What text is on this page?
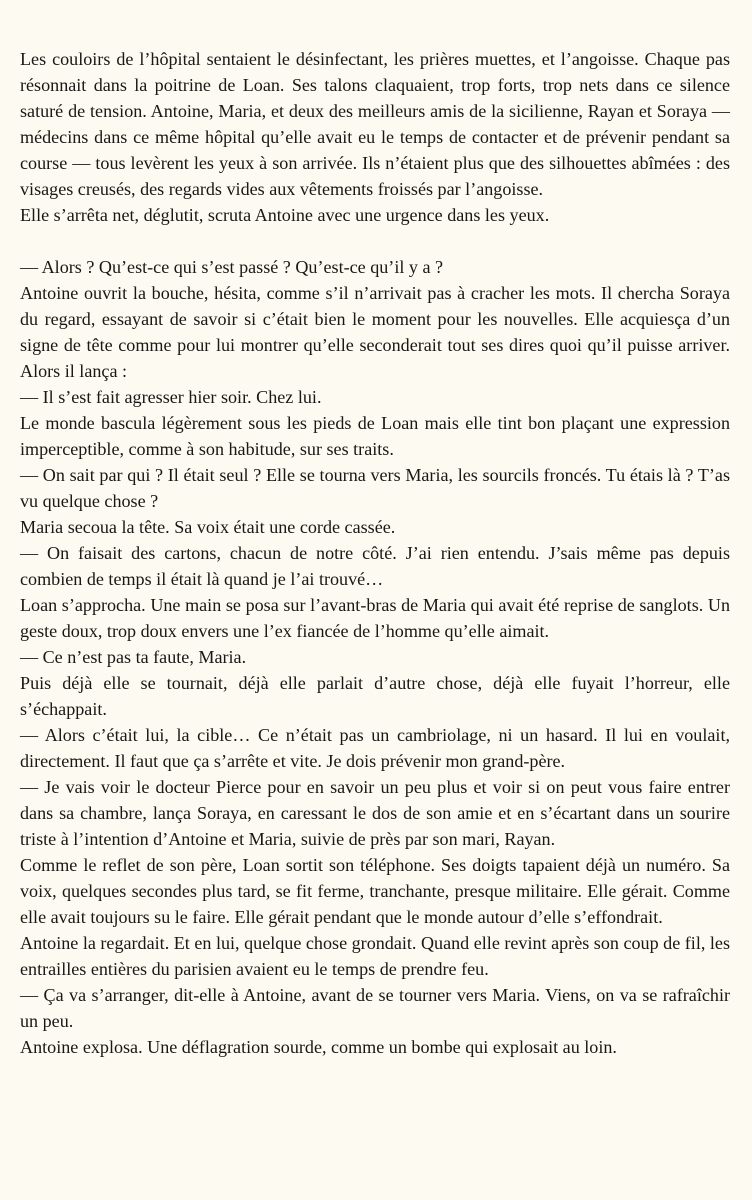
Les couloirs de l’hôpital sentaient le désinfectant, les prières muettes, et l’angoisse. Chaque pas résonnait dans la poitrine de Loan. Ses talons claquaient, trop forts, trop nets dans ce silence saturé de tension. Antoine, Maria, et deux des meilleurs amis de la sicilienne, Rayan et Soraya — médecins dans ce même hôpital qu’elle avait eu le temps de contacter et de prévenir pendant sa course — tous levèrent les yeux à son arrivée. Ils n’étaient plus que des silhouettes abîmées : des visages creusés, des regards vides aux vêtements froissés par l’angoisse.

Elle s’arrêta net, déglutit, scruta Antoine avec une urgence dans les yeux.

— Alors ? Qu’est-ce qui s’est passé ? Qu’est-ce qu’il y a ?

Antoine ouvrit la bouche, hésita, comme s’il n’arrivait pas à cracher les mots. Il chercha Soraya du regard, essayant de savoir si c’était bien le moment pour les nouvelles. Elle acquiesça d’un signe de tête comme pour lui montrer qu’elle seconderait tout ses dires quoi qu’il puisse arriver. Alors il lança :

— Il s’est fait agresser hier soir. Chez lui.

Le monde bascula légèrement sous les pieds de Loan mais elle tint bon plaçant une expression imperceptible, comme à son habitude, sur ses traits.

— On sait par qui ? Il était seul ? Elle se tourna vers Maria, les sourcils froncés. Tu étais là ? T’as vu quelque chose ?

Maria secoua la tête. Sa voix était une corde cassée.

— On faisait des cartons, chacun de notre côté. J’ai rien entendu. J’sais même pas depuis combien de temps il était là quand je l’ai trouvé…

Loan s’approcha. Une main se posa sur l’avant-bras de Maria qui avait été reprise de sanglots. Un geste doux, trop doux envers une l’ex fiancée de l’homme qu’elle aimait.

— Ce n’est pas ta faute, Maria.

Puis déjà elle se tournait, déjà elle parlait d’autre chose, déjà elle fuyait l’horreur, elle s’échappait.

— Alors c’était lui, la cible… Ce n’était pas un cambriolage, ni un hasard. Il lui en voulait, directement. Il faut que ça s’arrête et vite. Je dois prévenir mon grand-père.

— Je vais voir le docteur Pierce pour en savoir un peu plus et voir si on peut vous faire entrer dans sa chambre, lança Soraya, en caressant le dos de son amie et en s’écartant dans un sourire triste à l’intention d’Antoine et Maria, suivie de près par son mari, Rayan.

Comme le reflet de son père, Loan sortit son téléphone. Ses doigts tapaient déjà un numéro. Sa voix, quelques secondes plus tard, se fit ferme, tranchante, presque militaire. Elle gérait. Comme elle avait toujours su le faire. Elle gérait pendant que le monde autour d’elle s’effondrait.

Antoine la regardait. Et en lui, quelque chose grondait. Quand elle revint après son coup de fil, les entrailles entières du parisien avaient eu le temps de prendre feu.

— Ça va s’arranger, dit-elle à Antoine, avant de se tourner vers Maria. Viens, on va se rafraîchir un peu.

Antoine explosa. Une déflagration sourde, comme un bombe qui explosait au loin.
